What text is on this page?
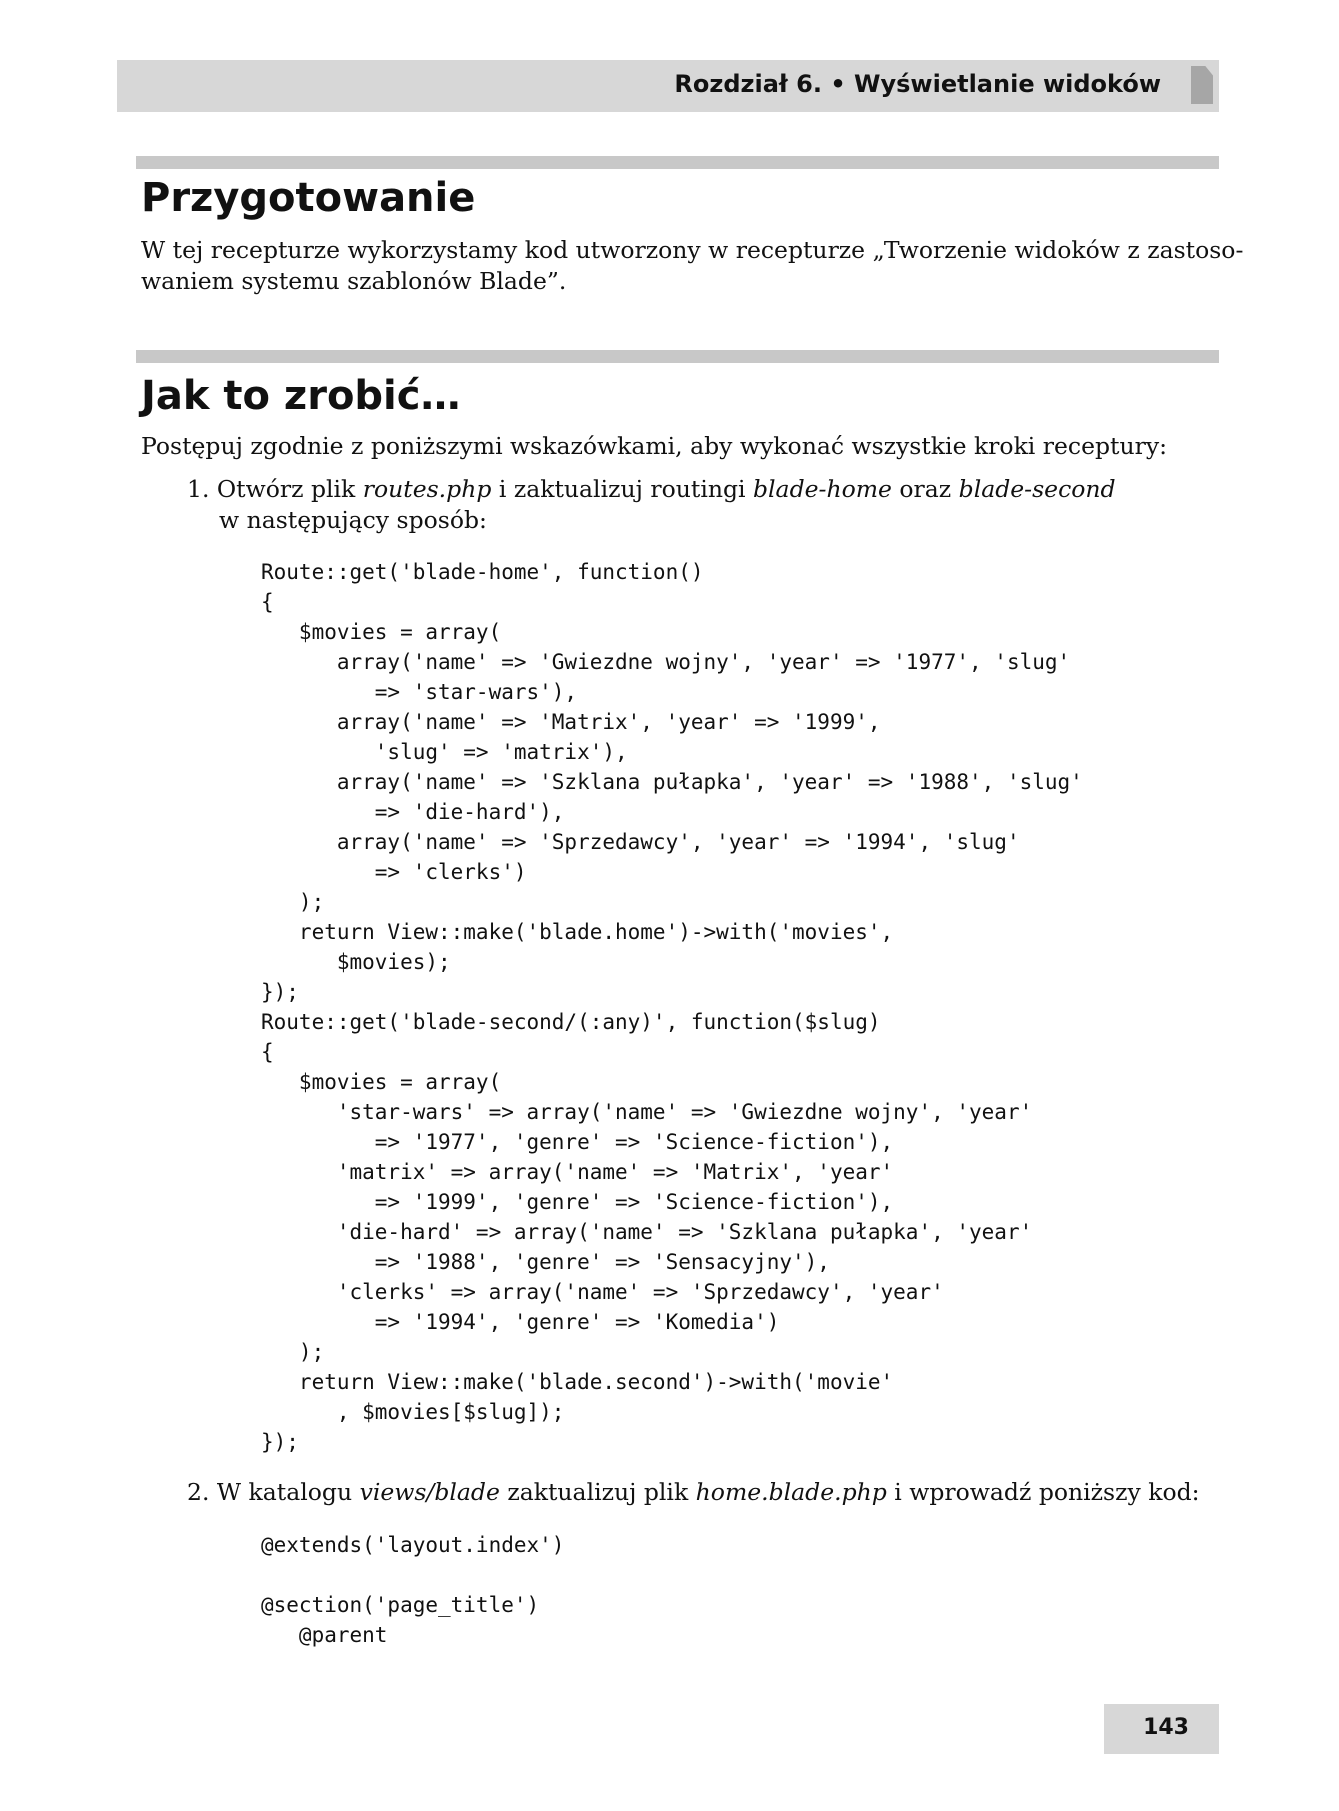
Rozdział 6. • Wyświetlanie widoków
Przygotowanie

W tej recepturze wykorzystamy kod utworzony w recepturze „Tworzenie widoków z zastoso-
waniem systemu szablonów Blade”.

Jak to zrobić…

Postępuj zgodnie z poniższymi wskazówkami, aby wykonać wszystkie kroki receptury:

1. Otwórz plik routes.php i zaktualizuj routingi blade-home oraz blade-second

w następujący sposób:

Route::get('blade-home', function()
{
$movies = array(
array('name' => 'Gwiezdne wojny', 'year' => '1977', 'slug'
=> 'star-wars'),
array('name' => 'Matrix', 'year' => '1999',
'slug' => 'matrix'),
array('name' => 'Szklana pułapka', 'year' => '1988', 'slug'
=> 'die-hard'),
array('name' => 'Sprzedawcy', 'year' => '1994', 'slug'
=> 'clerks')
);
return View::make('blade.home')->with('movies',
$movies);
});
Route::get('blade-second/(:any)', function($slug)
{
$movies = array(
'star-wars' => array('name' => 'Gwiezdne wojny', 'year'
=> '1977', 'genre' => 'Science-fiction'),
'matrix' => array('name' => 'Matrix', 'year'
=> '1999', 'genre' => 'Science-fiction'),
'die-hard' => array('name' => 'Szklana pułapka', 'year'
=> '1988', 'genre' => 'Sensacyjny'),
'clerks' => array('name' => 'Sprzedawcy', 'year'
=> '1994', 'genre' => 'Komedia')
);
return View::make('blade.second')->with('movie'
, $movies[$slug]);
});

2. W katalogu views/blade zaktualizuj plik home.blade.php i wprowadź poniższy kod:

@extends('layout.index')

@section('page_title')
@parent
143
